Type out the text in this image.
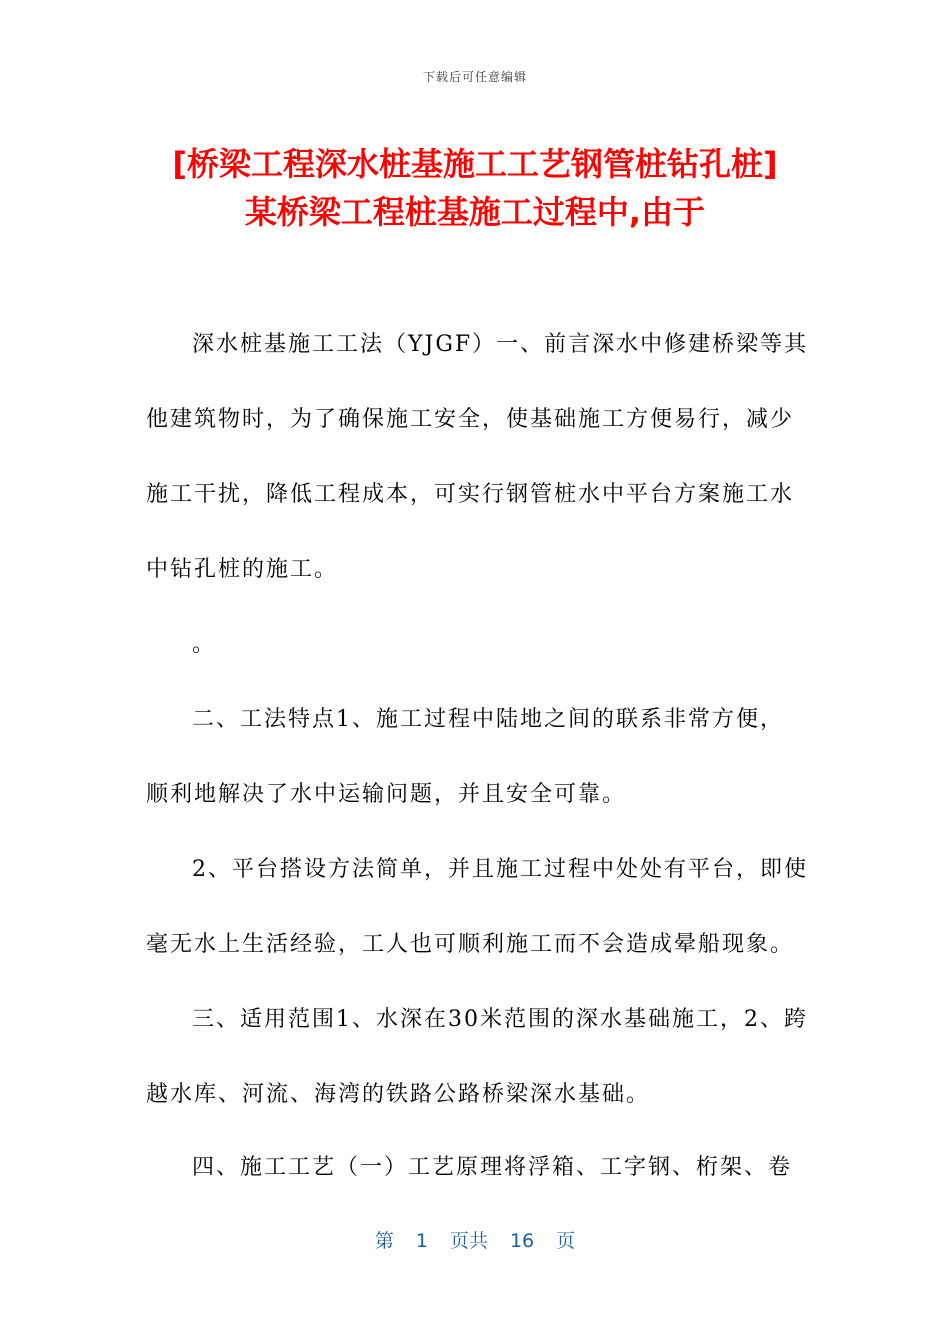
下载后可任意编辑
[桥梁工程深水桩基施工工艺钢管桩钻孔桩]
某桥梁工程桩基施工过程中,由于
深水桩基施工工法（YJGF）一、前言深水中修建桥梁等其
他建筑物时，为了确保施工安全，使基础施工方便易行，减少
施工干扰，降低工程成本，可实行钢管桩水中平台方案施工水
中钻孔桩的施工。
。
二、工法特点1、施工过程中陆地之间的联系非常方便，
顺利地解决了水中运输问题，并且安全可靠。
2、平台搭设方法简单，并且施工过程中处处有平台，即使
毫无水上生活经验，工人也可顺利施工而不会造成晕船现象。
三、适用范围1、水深在30米范围的深水基础施工，2、跨
越水库、河流、海湾的铁路公路桥梁深水基础。
四、施工工艺（一）工艺原理将浮箱、工字钢、桁架、卷
第 1 页共 16 页
